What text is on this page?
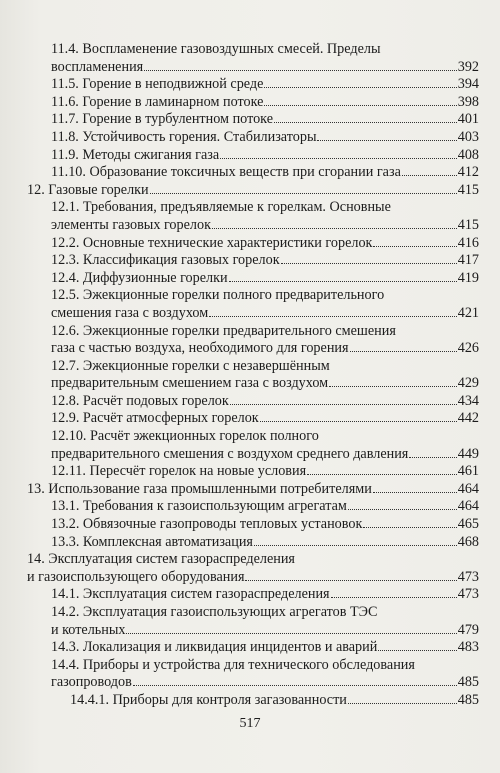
11.4. Воспламенение газовоздушных смесей. Пределы
воспламенения	392
11.5. Горение в неподвижной среде	394
11.6. Горение в ламинарном потоке	398
11.7. Горение в турбулентном потоке	401
11.8. Устойчивость горения. Стабилизаторы	403
11.9. Методы сжигания газа	408
11.10. Образование токсичных веществ при сгорании газа	412
12. Газовые горелки	415
12.1. Требования, предъявляемые к горелкам. Основные
элементы газовых горелок	415
12.2. Основные технические характеристики горелок	416
12.3. Классификация газовых горелок	417
12.4. Диффузионные горелки	419
12.5. Эжекционные горелки полного предварительного
смешения газа с воздухом	421
12.6. Эжекционные горелки предварительного смешения
газа с частью воздуха, необходимого для горения	426
12.7. Эжекционные горелки с незавершённым
предварительным смешением газа с воздухом	429
12.8. Расчёт подовых горелок	434
12.9. Расчёт атмосферных горелок	442
12.10. Расчёт эжекционных горелок полного
предварительного смешения с воздухом среднего давления	449
12.11. Пересчёт горелок на новые условия	461
13. Использование газа промышленными потребителями	464
13.1. Требования к газоиспользующим агрегатам	464
13.2. Обвязочные газопроводы тепловых установок	465
13.3. Комплексная автоматизация	468
14. Эксплуатация систем газораспределения
и газоиспользующего оборудования	473
14.1. Эксплуатация систем газораспределения	473
14.2. Эксплуатация газоиспользующих агрегатов ТЭС
и котельных	479
14.3. Локализация и ликвидация инцидентов и аварий	483
14.4. Приборы и устройства для технического обследования
газопроводов	485
14.4.1. Приборы для контроля загазованности	485
517
